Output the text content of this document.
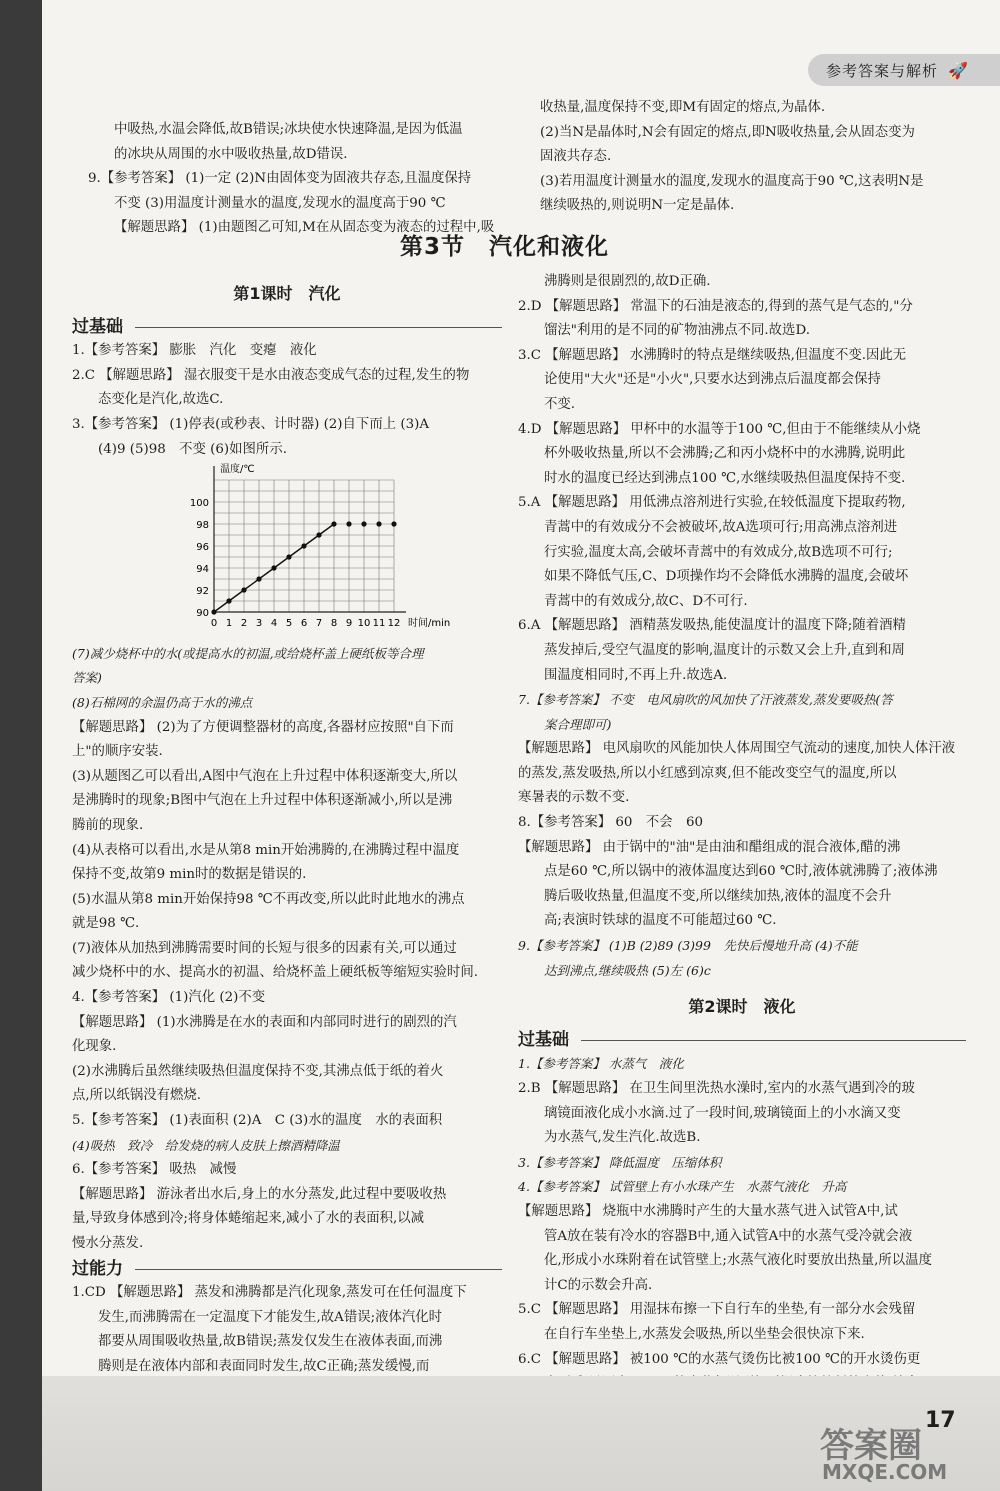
参考答案与解析 🚀

中吸热,水温会降低,故B错误;冰块使水快速降温,是因为低温

的冰块从周围的水中吸收热量,故D错误.

9.【参考答案】 (1)一定 (2)N由固体变为固液共存态,且温度保持

不变 (3)用温度计测量水的温度,发现水的温度高于90 ℃

【解题思路】 (1)由题图乙可知,M在从固态变为液态的过程中,吸

收热量,温度保持不变,即M有固定的熔点,为晶体.

(2)当N是晶体时,N会有固定的熔点,即N吸收热量,会从固态变为

固液共存态.

(3)若用温度计测量水的温度,发现水的温度高于90 ℃,这表明N是

继续吸热的,则说明N一定是晶体.

第3节　汽化和液化
第1课时　汽化
过基础

1.【参考答案】 膨胀　汽化　变瘪　液化

2.C 【解题思路】 湿衣服变干是水由液态变成气态的过程,发生的物

态变化是汽化,故选C.

3.【参考答案】 (1)停表(或秒表、计时器) (2)自下而上 (3)A

(4)9 (5)98　不变 (6)如图所示.

0 1 2 3 4 5 6 7 8 9 10 11 12
90
92
94
96
98
100
温度/℃
时间/min

(7)减少烧杯中的水(或提高水的初温,或给烧杯盖上硬纸板等合理

答案)

(8)石棉网的余温仍高于水的沸点

【解题思路】 (2)为了方便调整器材的高度,各器材应按照"自下而

上"的顺序安装.

(3)从题图乙可以看出,A图中气泡在上升过程中体积逐渐变大,所以

是沸腾时的现象;B图中气泡在上升过程中体积逐渐减小,所以是沸

腾前的现象.

(4)从表格可以看出,水是从第8 min开始沸腾的,在沸腾过程中温度

保持不变,故第9 min时的数据是错误的.

(5)水温从第8 min开始保持98 ℃不再改变,所以此时此地水的沸点

就是98 ℃.

(7)液体从加热到沸腾需要时间的长短与很多的因素有关,可以通过

减少烧杯中的水、提高水的初温、给烧杯盖上硬纸板等缩短实验时间.

4.【参考答案】 (1)汽化 (2)不变

【解题思路】 (1)水沸腾是在水的表面和内部同时进行的剧烈的汽

化现象.

(2)水沸腾后虽然继续吸热但温度保持不变,其沸点低于纸的着火

点,所以纸锅没有燃烧.

5.【参考答案】 (1)表面积 (2)A　C (3)水的温度　水的表面积

(4)吸热　致冷　给发烧的病人皮肤上擦酒精降温

6.【参考答案】 吸热　减慢

【解题思路】 游泳者出水后,身上的水分蒸发,此过程中要吸收热

量,导致身体感到冷;将身体蜷缩起来,减小了水的表面积,以减

慢水分蒸发.

过能力

1.CD 【解题思路】 蒸发和沸腾都是汽化现象,蒸发可在任何温度下

发生,而沸腾需在一定温度下才能发生,故A错误;液体汽化时

都要从周围吸收热量,故B错误;蒸发仅发生在液体表面,而沸

腾则是在液体内部和表面同时发生,故C正确;蒸发缓慢,而

沸腾则是很剧烈的,故D正确.

2.D 【解题思路】 常温下的石油是液态的,得到的蒸气是气态的,"分

馏法"利用的是不同的矿物油沸点不同.故选D.

3.C 【解题思路】 水沸腾时的特点是继续吸热,但温度不变.因此无

论使用"大火"还是"小火",只要水达到沸点后温度都会保持

不变.

4.D 【解题思路】 甲杯中的水温等于100 ℃,但由于不能继续从小烧

杯外吸收热量,所以不会沸腾;乙和丙小烧杯中的水沸腾,说明此

时水的温度已经达到沸点100 ℃,水继续吸热但温度保持不变.

5.A 【解题思路】 用低沸点溶剂进行实验,在较低温度下提取药物,

青蒿中的有效成分不会被破坏,故A选项可行;用高沸点溶剂进

行实验,温度太高,会破坏青蒿中的有效成分,故B选项不可行;

如果不降低气压,C、D项操作均不会降低水沸腾的温度,会破坏

青蒿中的有效成分,故C、D不可行.

6.A 【解题思路】 酒精蒸发吸热,能使温度计的温度下降;随着酒精

蒸发掉后,受空气温度的影响,温度计的示数又会上升,直到和周

围温度相同时,不再上升.故选A.

7.【参考答案】 不变　电风扇吹的风加快了汗液蒸发,蒸发要吸热(答

案合理即可)

【解题思路】 电风扇吹的风能加快人体周围空气流动的速度,加快人体汗液

的蒸发,蒸发吸热,所以小红感到凉爽,但不能改变空气的温度,所以

寒暑表的示数不变.

8.【参考答案】 60　不会　60

【解题思路】 由于锅中的"油"是由油和醋组成的混合液体,醋的沸

点是60 ℃,所以锅中的液体温度达到60 ℃时,液体就沸腾了;液体沸

腾后吸收热量,但温度不变,所以继续加热,液体的温度不会升

高;表演时铁球的温度不可能超过60 ℃.

9.【参考答案】 (1)B (2)89 (3)99　先快后慢地升高 (4)不能

达到沸点,继续吸热 (5)左 (6)c

第2课时　液化
过基础

1.【参考答案】 水蒸气　液化

2.B 【解题思路】 在卫生间里洗热水澡时,室内的水蒸气遇到冷的玻

璃镜面液化成小水滴.过了一段时间,玻璃镜面上的小水滴又变

为水蒸气,发生汽化.故选B.

3.【参考答案】 降低温度　压缩体积

4.【参考答案】 试管壁上有小水珠产生　水蒸气液化　升高

【解题思路】 烧瓶中水沸腾时产生的大量水蒸气进入试管A中,试

管A放在装有冷水的容器B中,通入试管A中的水蒸气受冷就会液

化,形成小水珠附着在试管壁上;水蒸气液化时要放出热量,所以温度

计C的示数会升高.

5.C 【解题思路】 用湿抹布擦一下自行车的坐垫,有一部分水会残留

在自行车坐垫上,水蒸发会吸热,所以坐垫会很快凉下来.

6.C 【解题思路】 被100 ℃的水蒸气烫伤比被100 ℃的开水烫伤更

17
答案圈
MXQE.COM
